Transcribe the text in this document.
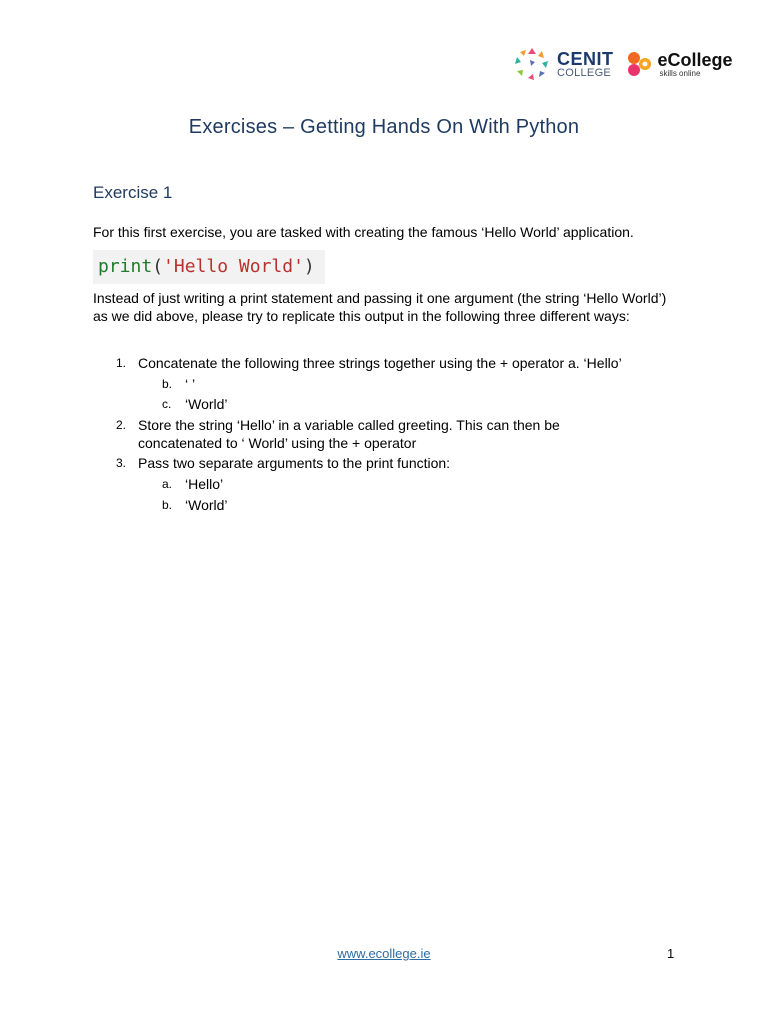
CENIT
COLLEGE
eCollege
skills online
Exercises – Getting Hands On With Python
Exercise 1
For this first exercise, you are tasked with creating the famous ‘Hello World’ application.
print('Hello World')
Instead of just writing a print statement and passing it one argument (the string ‘Hello World’) as we did above, please try to replicate this output in the following three different ways:
1. Concatenate the following three strings together using the + operator a. ‘Hello’
b. ‘ ’
c. ‘World’
2. Store the string ‘Hello’ in a variable called greeting. This can then be
concatenated to ‘ World’ using the + operator
3. Pass two separate arguments to the print function:
a. ‘Hello’
b. ‘World’
www.ecollege.ie	1
